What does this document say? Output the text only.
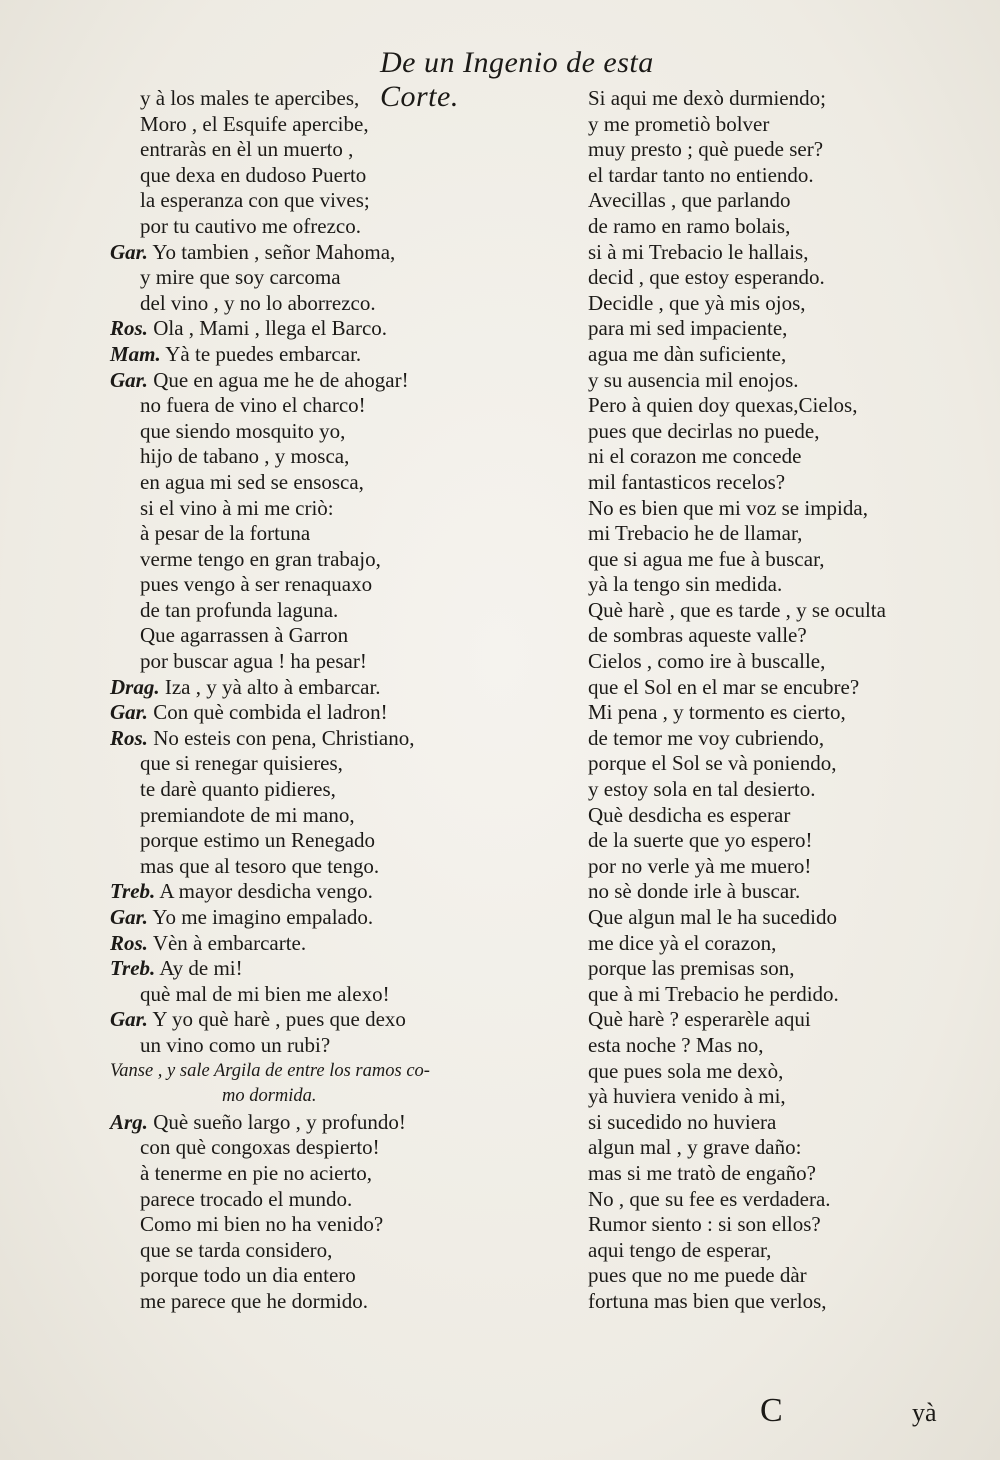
De un Ingenio de esta Corte.
y à los males te apercibes,
Moro , el Esquife apercibe,
entraràs en èl un muerto ,
que dexa en dudoso Puerto
la esperanza con que vives;
por tu cautivo me ofrezco.
Gar. Yo tambien , señor Mahoma,
y mire que soy carcoma
del vino , y no lo aborrezco.
Ros. Ola , Mami , llega el Barco.
Mam. Yà te puedes embarcar.
Gar. Que en agua me he de ahogar!
no fuera de vino el charco!
que siendo mosquito yo,
hijo de tabano , y mosca,
en agua mi sed se ensosca,
si el vino à mi me criò:
à pesar de la fortuna
verme tengo en gran trabajo,
pues vengo à ser renaquaxo
de tan profunda laguna.
Que agarrassen à Garron
por buscar agua ! ha pesar!
Drag. Iza , y yà alto à embarcar.
Gar. Con què combida el ladron!
Ros. No esteis con pena, Christiano,
que si renegar quisieres,
te darè quanto pidieres,
premiandote de mi mano,
porque estimo un Renegado
mas que al tesoro que tengo.
Treb. A mayor desdicha vengo.
Gar. Yo me imagino empalado.
Ros. Vèn à embarcarte.
Treb. Ay de mi!
què mal de mi bien me alexo!
Gar. Y yo què harè , pues que dexo
un vino como un rubi?
Vanse , y sale Argila de entre los ramos co-
mo dormida.
Arg. Què sueño largo , y profundo!
con què congoxas despierto!
à tenerme en pie no acierto,
parece trocado el mundo.
Como mi bien no ha venido?
que se tarda considero,
porque todo un dia entero
me parece que he dormido.
Si aqui me dexò durmiendo;
y me prometiò bolver
muy presto ; què puede ser?
el tardar tanto no entiendo.
Avecillas , que parlando
de ramo en ramo bolais,
si à mi Trebacio le hallais,
decid , que estoy esperando.
Decidle , que yà mis ojos,
para mi sed impaciente,
agua me dàn suficiente,
y su ausencia mil enojos.
Pero à quien doy quexas,Cielos,
pues que decirlas no puede,
ni el corazon me concede
mil fantasticos recelos?
No es bien que mi voz se impida,
mi Trebacio he de llamar,
que si agua me fue à buscar,
yà la tengo sin medida.
Què harè , que es tarde , y se oculta
de sombras aqueste valle?
Cielos , como ire à buscalle,
que el Sol en el mar se encubre?
Mi pena , y tormento es cierto,
de temor me voy cubriendo,
porque el Sol se và poniendo,
y estoy sola en tal desierto.
Què desdicha es esperar
de la suerte que yo espero!
por no verle yà me muero!
no sè donde irle à buscar.
Que algun mal le ha sucedido
me dice yà el corazon,
porque las premisas son,
que à mi Trebacio he perdido.
Què harè ? esperarèle aqui
esta noche ? Mas no,
que pues sola me dexò,
yà huviera venido à mi,
si sucedido no huviera
algun mal , y grave daño:
mas si me tratò de engaño?
No , que su fee es verdadera.
Rumor siento : si son ellos?
aqui tengo de esperar,
pues que no me puede dàr
fortuna mas bien que verlos,
C	yà
